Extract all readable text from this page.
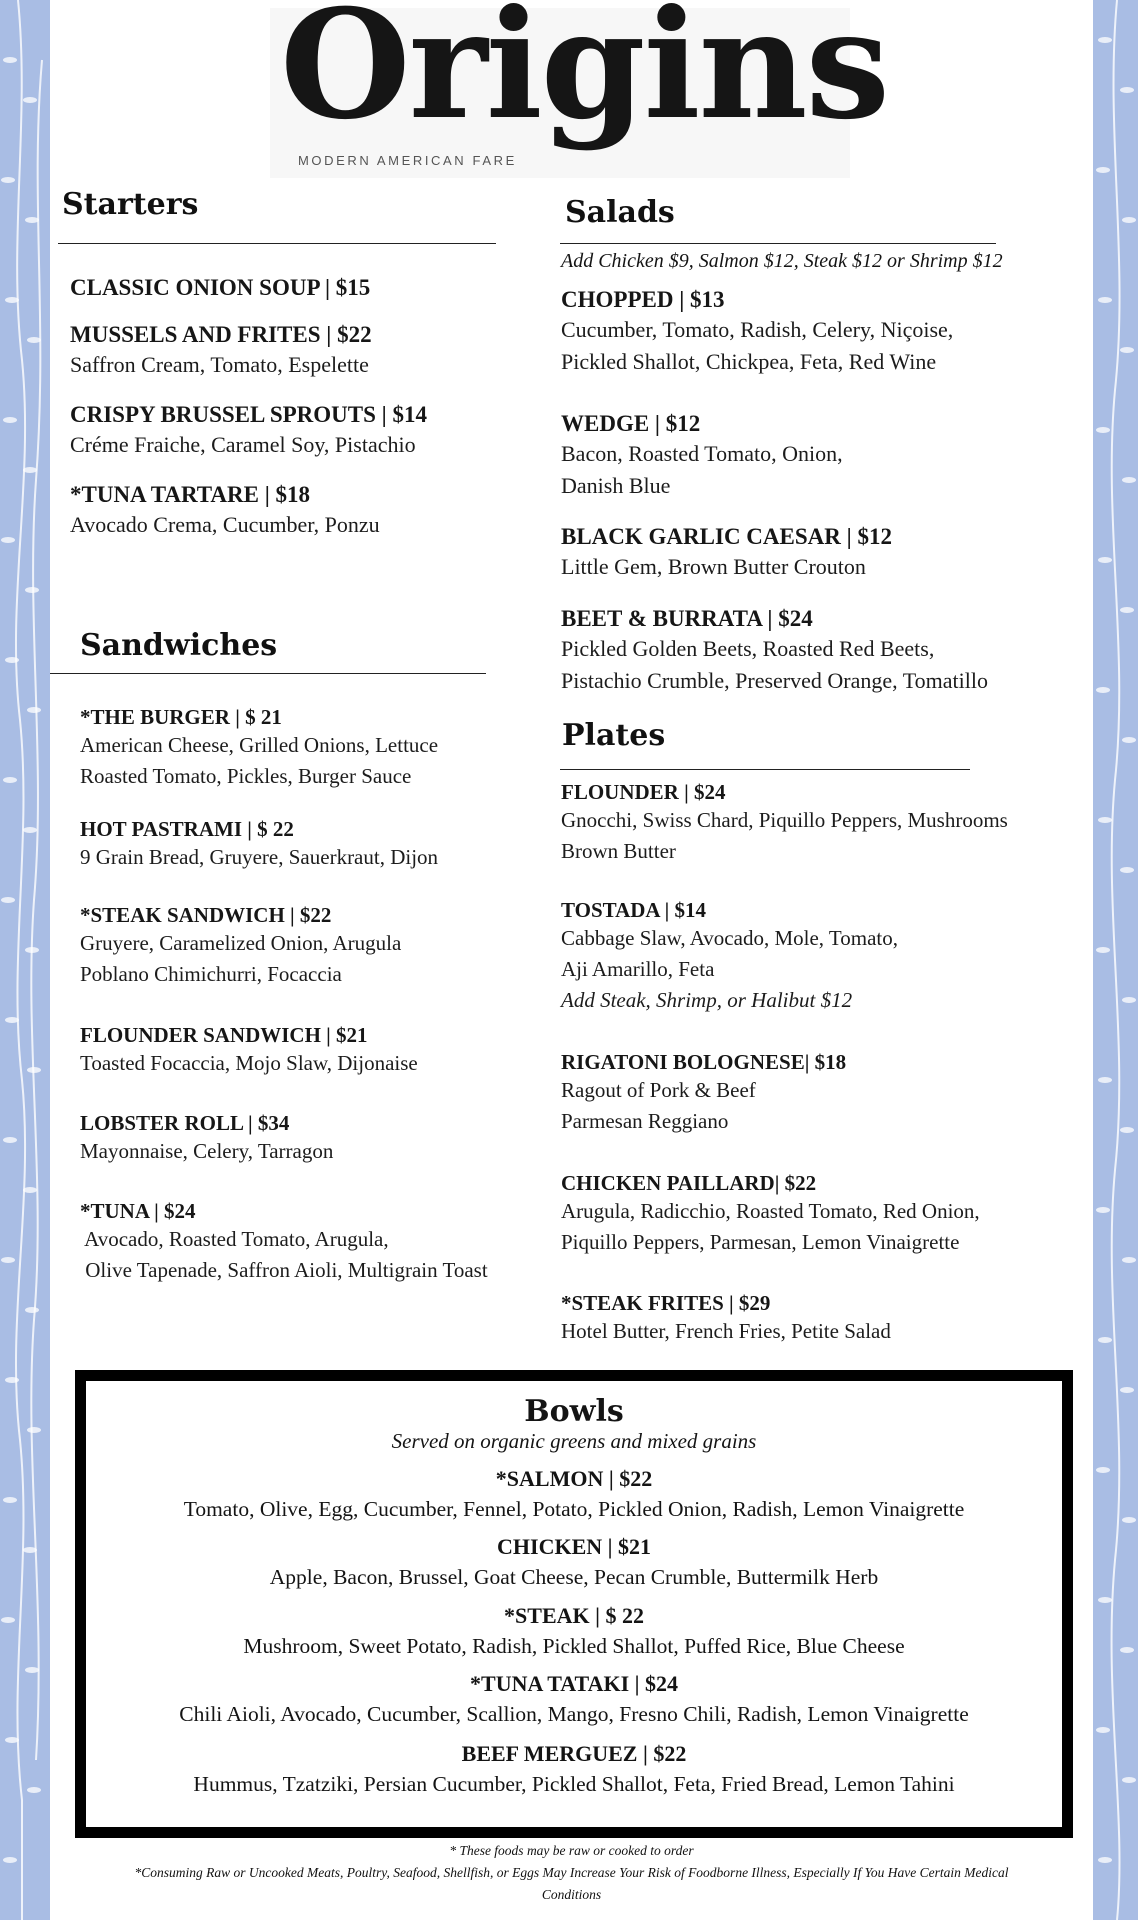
Origins
MODERN AMERICAN FARE
Starters
CLASSIC ONION SOUP | $15
MUSSELS AND FRITES | $22
Saffron Cream, Tomato, Espelette
CRISPY BRUSSEL SPROUTS | $14
Créme Fraiche, Caramel Soy, Pistachio
*TUNA TARTARE | $18
Avocado Crema, Cucumber, Ponzu
Sandwiches
*THE BURGER | $ 21
American Cheese, Grilled Onions, Lettuce
Roasted Tomato, Pickles, Burger Sauce
HOT PASTRAMI | $ 22
9 Grain Bread, Gruyere, Sauerkraut, Dijon
*STEAK SANDWICH | $22
Gruyere, Caramelized Onion, Arugula
Poblano Chimichurri, Focaccia
FLOUNDER SANDWICH | $21
Toasted Focaccia, Mojo Slaw, Dijonaise
LOBSTER ROLL | $34
Mayonnaise, Celery, Tarragon
*TUNA | $24
Avocado, Roasted Tomato, Arugula,
Olive Tapenade, Saffron Aioli, Multigrain Toast
Salads
Add Chicken $9, Salmon $12, Steak $12 or Shrimp $12
CHOPPED | $13
Cucumber, Tomato, Radish, Celery, Niçoise,
Pickled Shallot, Chickpea, Feta, Red Wine
WEDGE | $12
Bacon, Roasted Tomato, Onion,
Danish Blue
BLACK GARLIC CAESAR | $12
Little Gem, Brown Butter Crouton
BEET & BURRATA | $24
Pickled Golden Beets, Roasted Red Beets,
Pistachio Crumble, Preserved Orange, Tomatillo
Plates
FLOUNDER | $24
Gnocchi, Swiss Chard, Piquillo Peppers, Mushrooms
Brown Butter
TOSTADA | $14
Cabbage Slaw, Avocado, Mole, Tomato,
Aji Amarillo, Feta
Add Steak, Shrimp, or Halibut $12
RIGATONI BOLOGNESE| $18
Ragout of Pork & Beef
Parmesan Reggiano
CHICKEN PAILLARD| $22
Arugula, Radicchio, Roasted Tomato, Red Onion,
Piquillo Peppers, Parmesan, Lemon Vinaigrette
*STEAK FRITES | $29
Hotel Butter, French Fries, Petite Salad
Bowls
Served on organic greens and mixed grains
*SALMON | $22
Tomato, Olive, Egg, Cucumber, Fennel, Potato, Pickled Onion, Radish, Lemon Vinaigrette
CHICKEN | $21
Apple, Bacon, Brussel, Goat Cheese, Pecan Crumble, Buttermilk Herb
*STEAK | $ 22
Mushroom, Sweet Potato, Radish, Pickled Shallot, Puffed Rice, Blue Cheese
*TUNA TATAKI | $24
Chili Aioli, Avocado, Cucumber, Scallion, Mango, Fresno Chili, Radish, Lemon Vinaigrette
BEEF MERGUEZ | $22
Hummus, Tzatziki, Persian Cucumber, Pickled Shallot, Feta, Fried Bread, Lemon Tahini
* These foods may be raw or cooked to order
*Consuming Raw or Uncooked Meats, Poultry, Seafood, Shellfish, or Eggs May Increase Your Risk of Foodborne Illness, Especially If You Have Certain Medical
Conditions
